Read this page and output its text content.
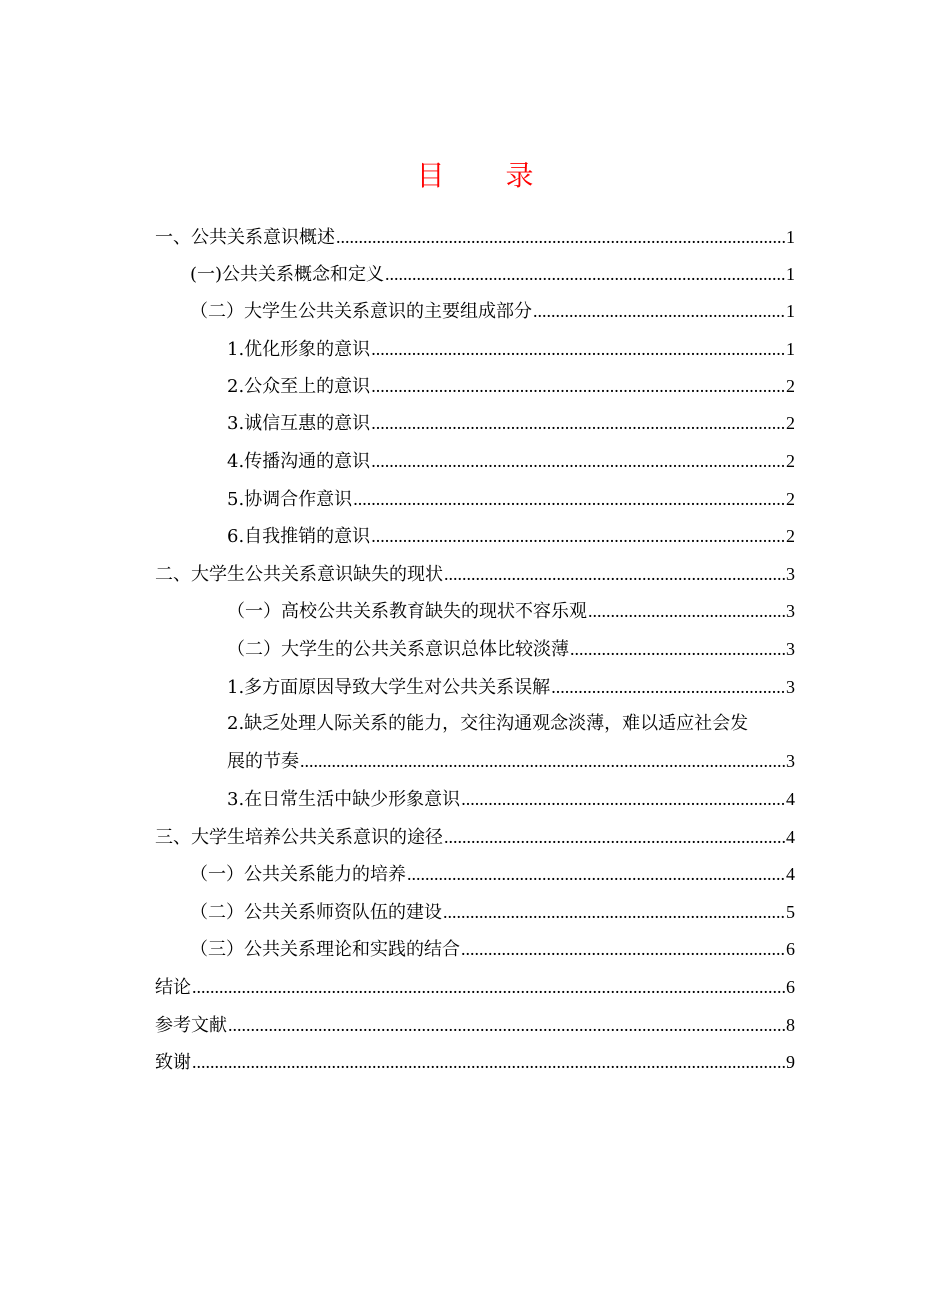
目 录
一、公共关系意识概述 .....	1
(一)公共关系概念和定义 .....	1
（二）大学生公共关系意识的主要组成部分 .....	1
1.优化形象的意识 .....	1
2.公众至上的意识 .....	2
3.诚信互惠的意识 .....	2
4.传播沟通的意识 .....	2
5.协调合作意识 .....	2
6.自我推销的意识 .....	2
二、大学生公共关系意识缺失的现状 .....	3
（一）高校公共关系教育缺失的现状不容乐观 .....	3
（二）大学生的公共关系意识总体比较淡薄 .....	3
1.多方面原因导致大学生对公共关系误解 .....	3
2.缺乏处理人际关系的能力，交往沟通观念淡薄，难以适应社会发
展的节奏 .....	3
3.在日常生活中缺少形象意识 .....	4
三、大学生培养公共关系意识的途径 .....	4
（一）公共关系能力的培养 .....	4
（二）公共关系师资队伍的建设 .....	5
（三）公共关系理论和实践的结合 .....	6
结论 .....	6
参考文献 .....	8
致谢 .....	9
